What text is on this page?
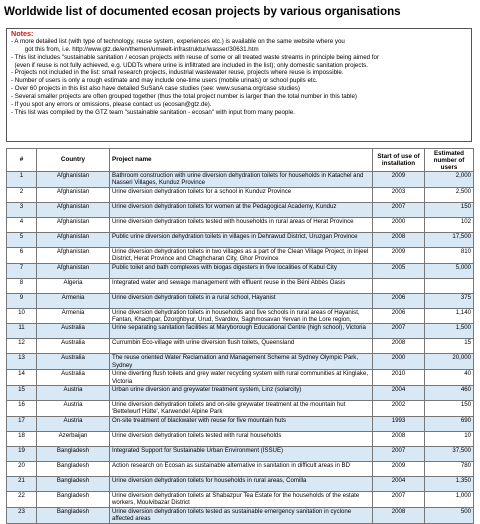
Worldwide list of documented ecosan projects by various organisations
Notes:
- A more detailed list (with type of technology, reuse system, experiences etc.) is available on the same website where you
got this from, i.e. http://www.gtz.de/en/themen/umwelt-infrastruktur/wasser/30631.htm
- This list includes "sustainable sanitation / ecosan projects with reuse of some or all treated waste streams in principle being aimed for
(even if reuse is not fully achieved, e.g. UDDTs where urine is infiltrated are included in the list); only domestic sanitation projects.
- Projects not included in the list: small research projects, industrial wastewater reuse, projects where reuse is impossible.
- Number of users is only a rough estimate and may include one-time users (mobile urinals) or school pupils etc.
- Over 60 projects in this list also have detailed SuSanA case studies (see: www.susana.org/case studies)
- Several smaller projects are often grouped together (thus the total project number is larger than the total number in this table)
- If you spot any errors or omissions, please contact us (ecosan@gtz.de).
- This list was compiled by the GTZ team "sustainable sanitation - ecosan" with input from many people.
#	Country	Project name	Start of use of installation	Estimated number of users
1	Afghanistan	Bathroom construction with urine diversion dehydration toilets for households in Katachel and Nasseri Villages, Kunduz Province	2009	2,000
2	Afghanistan	Urine diversion dehydration toilets for a school in Kunduz Province	2003	2,500
3	Afghanistan	Urine diversion dehydration toilets for women at the Pedagogical Academy, Kunduz	2007	150
4	Afghanistan	Urine diversion dehydration toilets tested with households in rural areas of Herat Province	2000	102
5	Afghanistan	Public urine diversion dehydration toilets in villages in Dehrawud District, Uruzgan Province	2008	17,500
6	Afghanistan	Urine diversion dehydration toilets in two villages as a part of the Clean Village Project, in Injeel District, Herat Province and Chaghcharan City, Ghor Province	2009	810
7	Afghanistan	Public toilet and bath complexes with biogas digesters in five localities of Kabul City	2005	5,000
8	Algeria	Integrated water and sewage management with effluent reuse in the Béni Abbès Oasis		
9	Armenia	Urine diversion dehydration toilets in a rural school, Hayanist	2006	375
10	Armenia	Urine diversion dehydration toilets in households and five schools in rural areas of Hayanist, Fantan, Khachpar, Dzorghbyur, Urud, Svardlov, Saghmosavan Yervan in the Lore region,	2006	1,140
11	Australia	Urine separating sanitation facilities at Maryborough Educational Centre (high school), Victoria	2007	1,500
12	Australia	Currumbin Eco-village with urine diversion flush toilets, Queensland	2008	15
13	Australia	The reuse oriented Water Reclamation and Management Scheme at Sydney Olympic Park, Sydney	2000	20,000
14	Australia	Urine diverting flush toilets and grey water recycling system with rural communities at Kinglake, Victoria	2010	40
15	Austria	Urban urine diversion and greywater treatment system, Linz (solarcity)	2004	460
16	Austria	Urine diversion dehydration toilets and on-site greywater treatment at the mountain hut 'Bettelwurf Hütte', Karwendel Alpine Park	2002	150
17	Austria	On-site treatment of blackwater with reuse for five mountain huts	1993	690
18	Azerbaijan	Urine diversion dehydration toilets tested with rural households	2008	10
19	Bangladesh	Integrated Support for Sustainable Urban Environment (ISSUE)	2007	37,500
20	Bangladesh	Action research on Ecosan as sustainable alternative in sanitation in difficult areas in BD	2009	780
21	Bangladesh	Urine diversion dehydration toilets for households in rural areas, Comilla	2004	1,350
22	Bangladesh	Urine diversion dehydration toilets at Shabazpur Tea Estate for the households of the estate workers, Moulvibazar District	2007	1,000
23	Bangladesh	Urine diversion dehydration toilets tested as sustainable emergency sanitation in cyclone affected areas	2008	500
